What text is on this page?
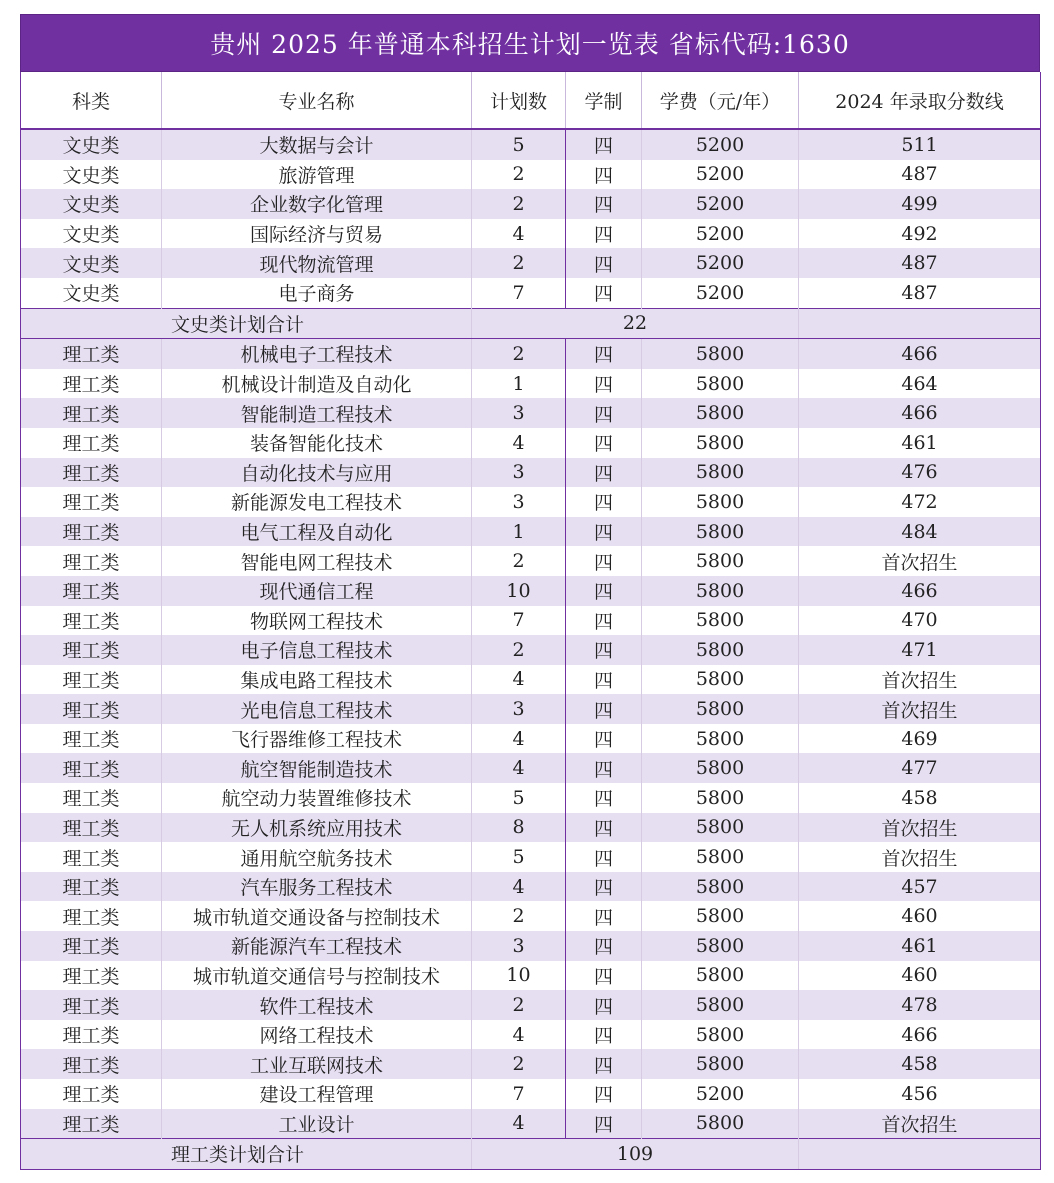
贵州 2025 年普通本科招生计划一览表 省标代码:1630
科类	专业名称	计划数	学制	学费（元/年）	2024 年录取分数线
文史类	大数据与会计	5	四	5200	511
文史类	旅游管理	2	四	5200	487
文史类	企业数字化管理	2	四	5200	499
文史类	国际经济与贸易	4	四	5200	492
文史类	现代物流管理	2	四	5200	487
文史类	电子商务	7	四	5200	487
文史类计划合计		22			
理工类	机械电子工程技术	2	四	5800	466
理工类	机械设计制造及自动化	1	四	5800	464
理工类	智能制造工程技术	3	四	5800	466
理工类	装备智能化技术	4	四	5800	461
理工类	自动化技术与应用	3	四	5800	476
理工类	新能源发电工程技术	3	四	5800	472
理工类	电气工程及自动化	1	四	5800	484
理工类	智能电网工程技术	2	四	5800	首次招生
理工类	现代通信工程	10	四	5800	466
理工类	物联网工程技术	7	四	5800	470
理工类	电子信息工程技术	2	四	5800	471
理工类	集成电路工程技术	4	四	5800	首次招生
理工类	光电信息工程技术	3	四	5800	首次招生
理工类	飞行器维修工程技术	4	四	5800	469
理工类	航空智能制造技术	4	四	5800	477
理工类	航空动力装置维修技术	5	四	5800	458
理工类	无人机系统应用技术	8	四	5800	首次招生
理工类	通用航空航务技术	5	四	5800	首次招生
理工类	汽车服务工程技术	4	四	5800	457
理工类	城市轨道交通设备与控制技术	2	四	5800	460
理工类	新能源汽车工程技术	3	四	5800	461
理工类	城市轨道交通信号与控制技术	10	四	5800	460
理工类	软件工程技术	2	四	5800	478
理工类	网络工程技术	4	四	5800	466
理工类	工业互联网技术	2	四	5800	458
理工类	建设工程管理	7	四	5200	456
理工类	工业设计	4	四	5800	首次招生
理工类计划合计		109			
